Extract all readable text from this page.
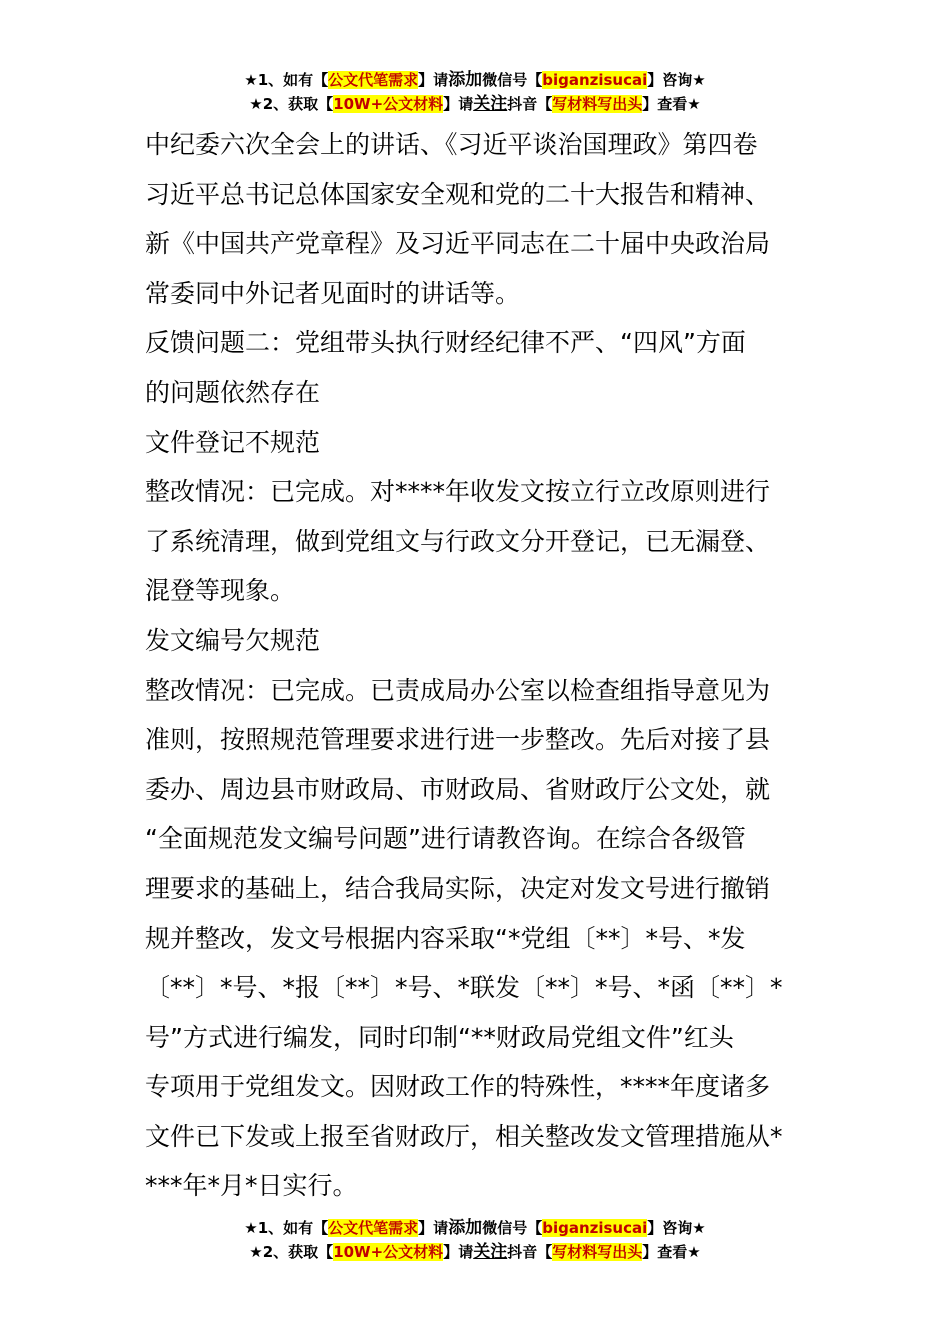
★1、如有【公文代笔需求】请添加微信号【biganzisucai】咨询★
★2、获取【10W+公文材料】请关注抖音【写材料写出头】查看★

中纪委六次全会上的讲话、《习近平谈治国理政》第四卷

习近平总书记总体国家安全观和党的二十大报告和精神、

新《中国共产党章程》及习近平同志在二十届中央政治局

常委同中外记者见面时的讲话等。

反馈问题二：党组带头执行财经纪律不严、“四风”方面

的问题依然存在

文件登记不规范

整改情况：已完成。对****年收发文按立行立改原则进行

了系统清理，做到党组文与行政文分开登记，已无漏登、

混登等现象。

发文编号欠规范

整改情况：已完成。已责成局办公室以检查组指导意见为

准则，按照规范管理要求进行进一步整改。先后对接了县

委办、周边县市财政局、市财政局、省财政厅公文处，就

“全面规范发文编号问题”进行请教咨询。在综合各级管

理要求的基础上，结合我局实际，决定对发文号进行撤销

规并整改，发文号根据内容采取“*党组〔**〕*号、*发

〔**〕*号、*报〔**〕*号、*联发〔**〕*号、*函〔**〕*

号”方式进行编发，同时印制“**财政局党组文件”红头

专项用于党组发文。因财政工作的特殊性，****年度诸多

文件已下发或上报至省财政厅，相关整改发文管理措施从*

***年*月*日实行。

★1、如有【公文代笔需求】请添加微信号【biganzisucai】咨询★
★2、获取【10W+公文材料】请关注抖音【写材料写出头】查看★
